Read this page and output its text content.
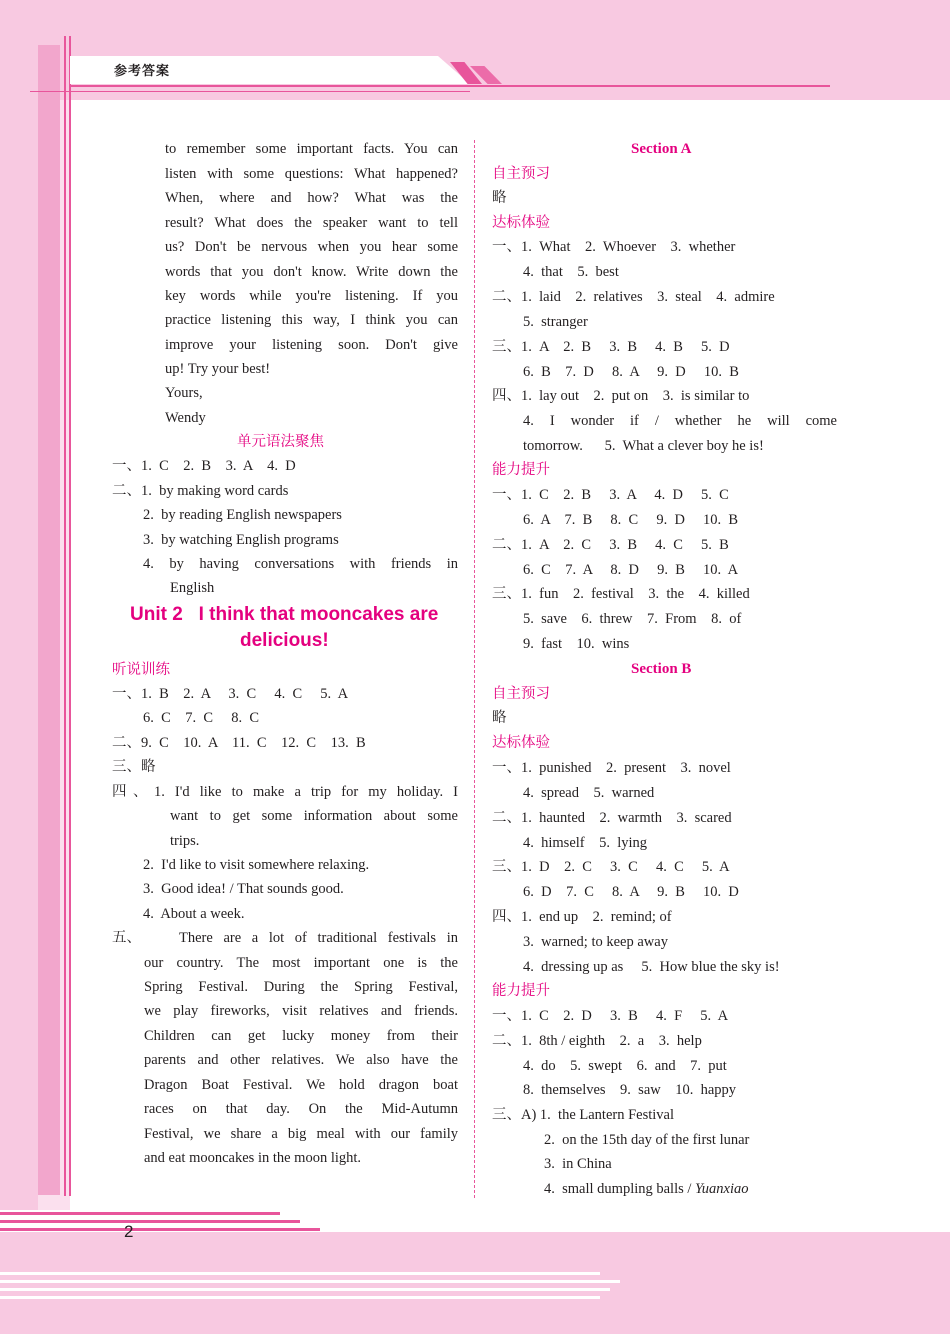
参考答案
2
to remember some important facts. You can
listen with some questions: What happened?
When, where and how? What was the
result? What does the speaker want to tell
us? Don't be nervous when you hear some
words that you don't know. Write down the
key words while you're listening. If you
practice listening this way, I think you can
improve your listening soon. Don't give
up! Try your best!
Yours,
Wendy
单元语法聚焦
一、1.  C    2.  B    3.  A    4.  D
二、1.  by making word cards
2.  by reading English newspapers
3.  by watching English programs
4. by having conversations with friends in
English
Unit 2   I think that mooncakes are
delicious!
听说训练
一、1.  B    2.  A     3.  C     4.  C     5.  A
6.  C    7.  C     8.  C
二、9.  C    10.  A    11.  C    12.  C    13.  B
三、略
四、1. I'd like to make a trip for my holiday. I
want to get some information about some
trips.
2.  I'd like to visit somewhere relaxing.
3.  Good idea! / That sounds good.
4.  About a week.
五、	There are a lot of traditional festivals in
our country. The most important one is the
Spring Festival. During the Spring Festival,
we play fireworks, visit relatives and friends.
Children can get lucky money from their
parents and other relatives. We also have the
Dragon Boat Festival. We hold dragon boat
races on that day. On the Mid-Autumn
Festival, we share a big meal with our family
and eat mooncakes in the moon light.
Section A
自主预习
略
达标体验
一、1.  What    2.  Whoever    3.  whether
4.  that    5.  best
二、1.  laid    2.  relatives    3.  steal    4.  admire
5.  stranger
三、1.  A    2.  B     3.  B     4.  B     5.  D
6.  B    7.  D     8.  A     9.  D     10.  B
四、1.  lay out    2.  put on    3.  is similar to
4. I wonder if / whether he will come
tomorrow.      5.  What a clever boy he is!
能力提升
一、1.  C    2.  B     3.  A     4.  D     5.  C
6.  A    7.  B     8.  C     9.  D     10.  B
二、1.  A    2.  C     3.  B     4.  C     5.  B
6.  C    7.  A     8.  D     9.  B     10.  A
三、1.  fun    2.  festival    3.  the    4.  killed
5.  save    6.  threw    7.  From    8.  of
9.  fast    10.  wins
Section B
自主预习
略
达标体验
一、1.  punished    2.  present    3.  novel
4.  spread    5.  warned
二、1.  haunted    2.  warmth    3.  scared
4.  himself    5.  lying
三、1.  D    2.  C     3.  C     4.  C     5.  A
6.  D    7.  C     8.  A     9.  B     10.  D
四、1.  end up    2.  remind; of
3.  warned; to keep away
4.  dressing up as     5.  How blue the sky is!
能力提升
一、1.  C    2.  D     3.  B     4.  F     5.  A
二、1.  8th / eighth    2.  a    3.  help
4.  do    5.  swept    6.  and    7.  put
8.  themselves    9.  saw    10.  happy
三、A) 1.  the Lantern Festival
2.  on the 15th day of the first lunar
3.  in China
4.  small dumpling balls / Yuanxiao
